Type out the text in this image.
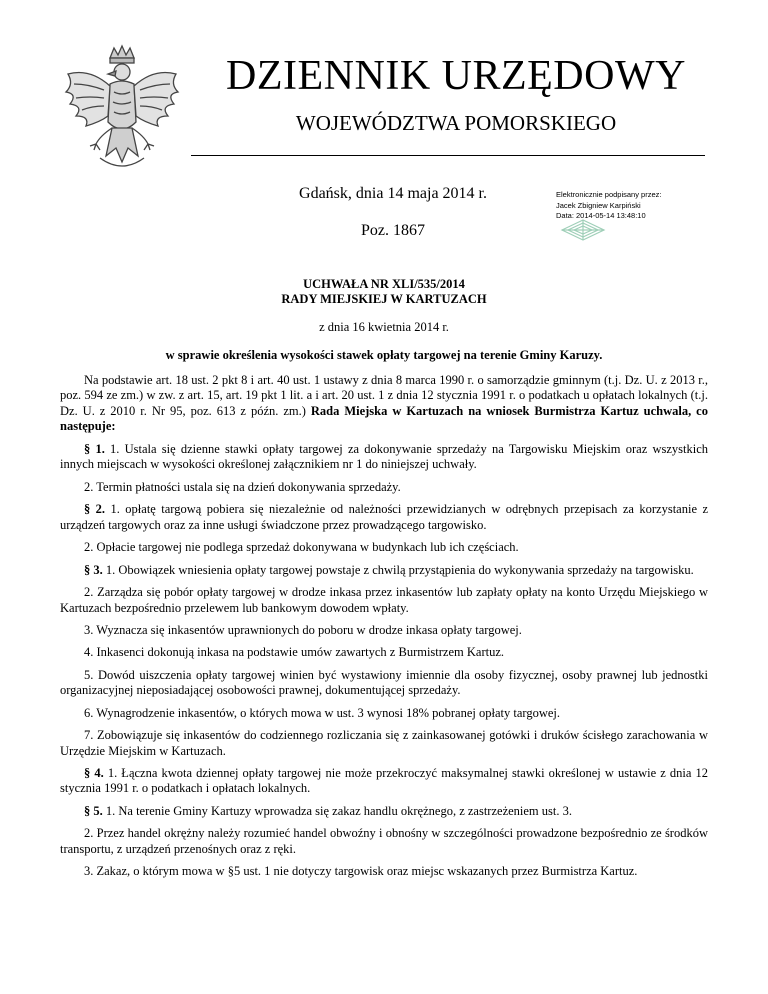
DZIENNIK URZĘDOWY
WOJEWÓDZTWA POMORSKIEGO
Gdańsk, dnia 14 maja 2014 r.
Poz. 1867
Elektronicznie podpisany przez:
Jacek Zbigniew Karpiński
Data: 2014-05-14 13:48:10
UCHWAŁA NR XLI/535/2014
RADY MIEJSKIEJ W KARTUZACH
z dnia 16 kwietnia 2014 r.
w sprawie określenia wysokości stawek opłaty targowej na terenie Gminy Karuzy.

Na podstawie art. 18 ust. 2 pkt 8 i art. 40 ust. 1 ustawy z dnia 8 marca 1990 r. o samorządzie gminnym (t.j. Dz. U. z 2013 r., poz. 594 ze zm.) w zw. z art. 15, art. 19 pkt 1 lit. a i art. 20 ust. 1 z dnia 12 stycznia 1991 r. o podatkach u opłatach lokalnych (t.j. Dz. U. z 2010 r. Nr 95, poz. 613 z późn. zm.) Rada Miejska w Kartuzach na wniosek Burmistrza Kartuz uchwala, co następuje:

§ 1. 1. Ustala się dzienne stawki opłaty targowej za dokonywanie sprzedaży na Targowisku Miejskim oraz wszystkich innych miejscach w wysokości określonej załącznikiem nr 1 do niniejszej uchwały.

2. Termin płatności ustala się na dzień dokonywania sprzedaży.

§ 2. 1. opłatę targową pobiera się niezależnie od należności przewidzianych w odrębnych przepisach za korzystanie z urządzeń targowych oraz za inne usługi świadczone przez prowadzącego targowisko.

2. Opłacie targowej nie podlega sprzedaż dokonywana w budynkach lub ich częściach.

§ 3. 1. Obowiązek wniesienia opłaty targowej powstaje z chwilą przystąpienia do wykonywania sprzedaży na targowisku.

2. Zarządza się pobór opłaty targowej w drodze inkasa przez inkasentów lub zapłaty opłaty na konto Urzędu Miejskiego w Kartuzach bezpośrednio przelewem lub bankowym dowodem wpłaty.

3. Wyznacza się inkasentów uprawnionych do poboru w drodze inkasa opłaty targowej.

4. Inkasenci dokonują inkasa na podstawie umów zawartych z Burmistrzem Kartuz.

5. Dowód uiszczenia opłaty targowej winien być wystawiony imiennie dla osoby fizycznej, osoby prawnej lub jednostki organizacyjnej nieposiadającej osobowości prawnej, dokumentującej sprzedaży.

6. Wynagrodzenie inkasentów, o których mowa w ust. 3 wynosi 18% pobranej opłaty targowej.

7. Zobowiązuje się inkasentów do codziennego rozliczania się z zainkasowanej gotówki i druków ścisłego zarachowania w Urzędzie Miejskim w Kartuzach.

§ 4. 1. Łączna kwota dziennej opłaty targowej nie może przekroczyć maksymalnej stawki określonej w ustawie z dnia 12 stycznia 1991 r. o podatkach i opłatach lokalnych.

§ 5. 1. Na terenie Gminy Kartuzy wprowadza się zakaz handlu okrężnego, z zastrzeżeniem ust. 3.

2. Przez handel okrężny należy rozumieć handel obwoźny i obnośny w szczególności prowadzone bezpośrednio ze środków transportu, z urządzeń przenośnych oraz z ręki.

3. Zakaz, o którym mowa w §5 ust. 1 nie dotyczy targowisk oraz miejsc wskazanych przez Burmistrza Kartuz.
